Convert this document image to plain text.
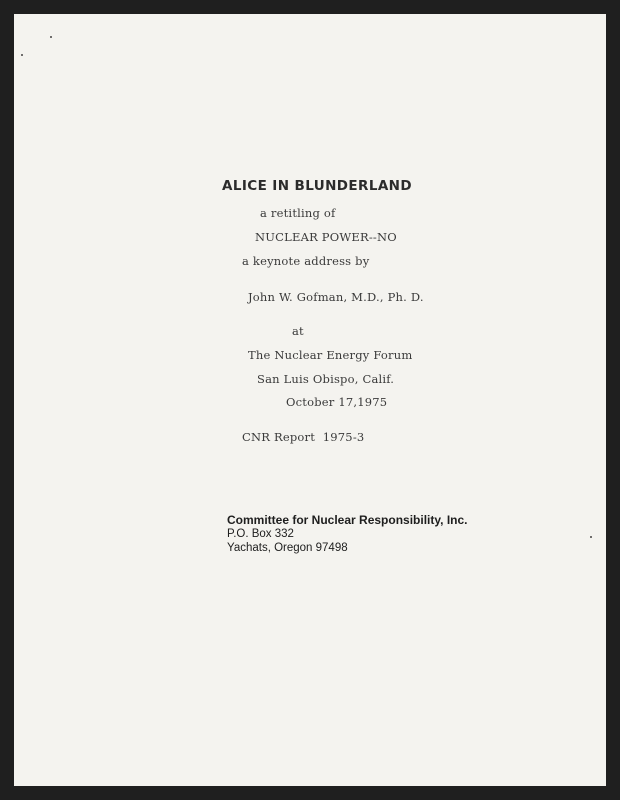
ALICE IN BLUNDERLAND
a retitling of
NUCLEAR POWER--NO
a keynote address by
John W. Gofman, M.D., Ph. D.
at
The Nuclear Energy Forum
San Luis Obispo, Calif.
October 17,1975
CNR Report  1975-3
Committee for Nuclear Responsibility, Inc.
P.O. Box 332
Yachats, Oregon 97498
